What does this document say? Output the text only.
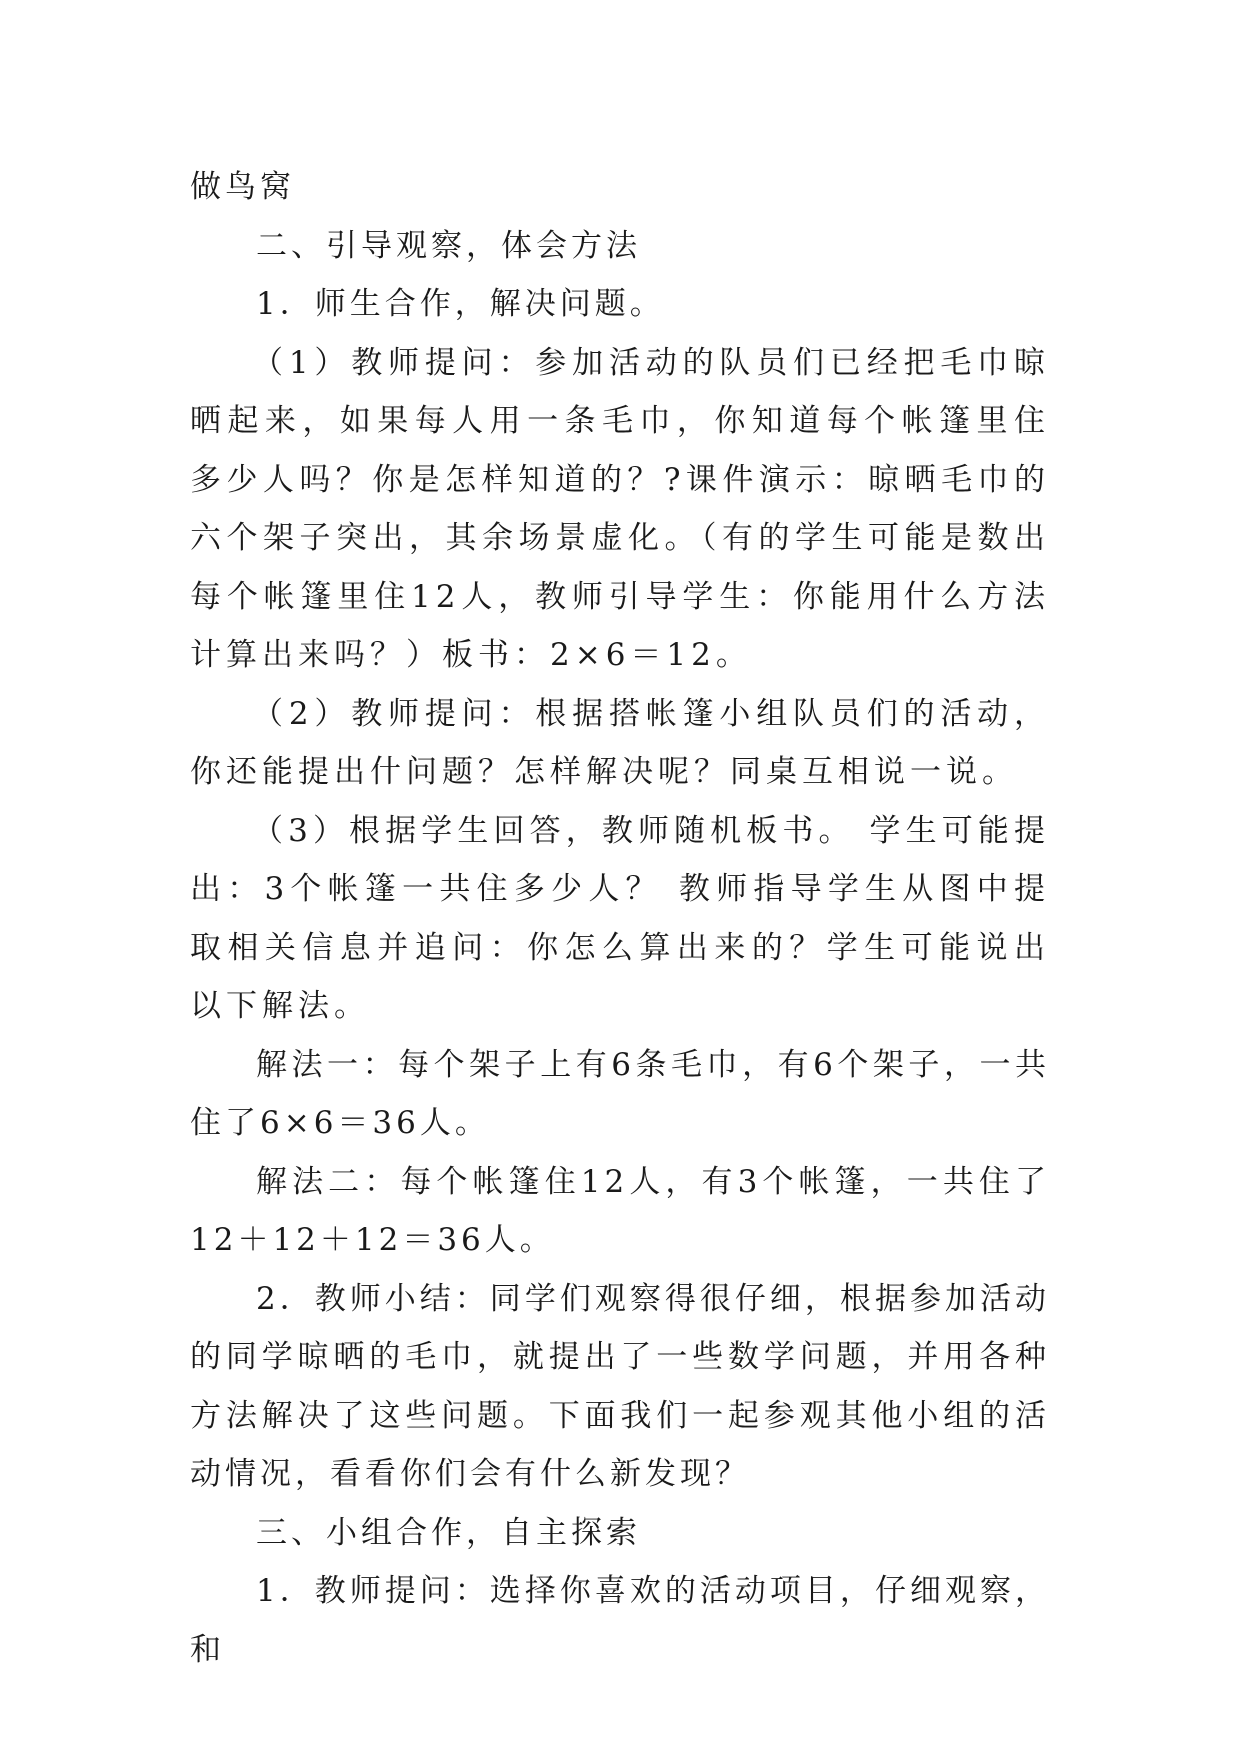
做鸟窝

二、引导观察，体会方法

1．师生合作，解决问题。

（1）教师提问：参加活动的队员们已经把毛巾晾晒起来，如果每人用一条毛巾，你知道每个帐篷里住多少人吗？你是怎样知道的？?课件演示：晾晒毛巾的六个架子突出，其余场景虚化。（有的学生可能是数出每个帐篷里住12人，教师引导学生：你能用什么方法计算出来吗？）板书：2×6＝12。

（2）教师提问：根据搭帐篷小组队员们的活动，你还能提出什问题？怎样解决呢？同桌互相说一说。

（3）根据学生回答，教师随机板书。 学生可能提出：3个帐篷一共住多少人？ 教师指导学生从图中提取相关信息并追问：你怎么算出来的？学生可能说出以下解法。

解法一：每个架子上有6条毛巾，有6个架子，一共住了6×6＝36人。

解法二：每个帐篷住12人，有3个帐篷，一共住了12＋12＋12＝36人。

2．教师小结：同学们观察得很仔细，根据参加活动的同学晾晒的毛巾，就提出了一些数学问题，并用各种方法解决了这些问题。下面我们一起参观其他小组的活动情况，看看你们会有什么新发现？

三、小组合作，自主探索

1．教师提问：选择你喜欢的活动项目，仔细观察，和
